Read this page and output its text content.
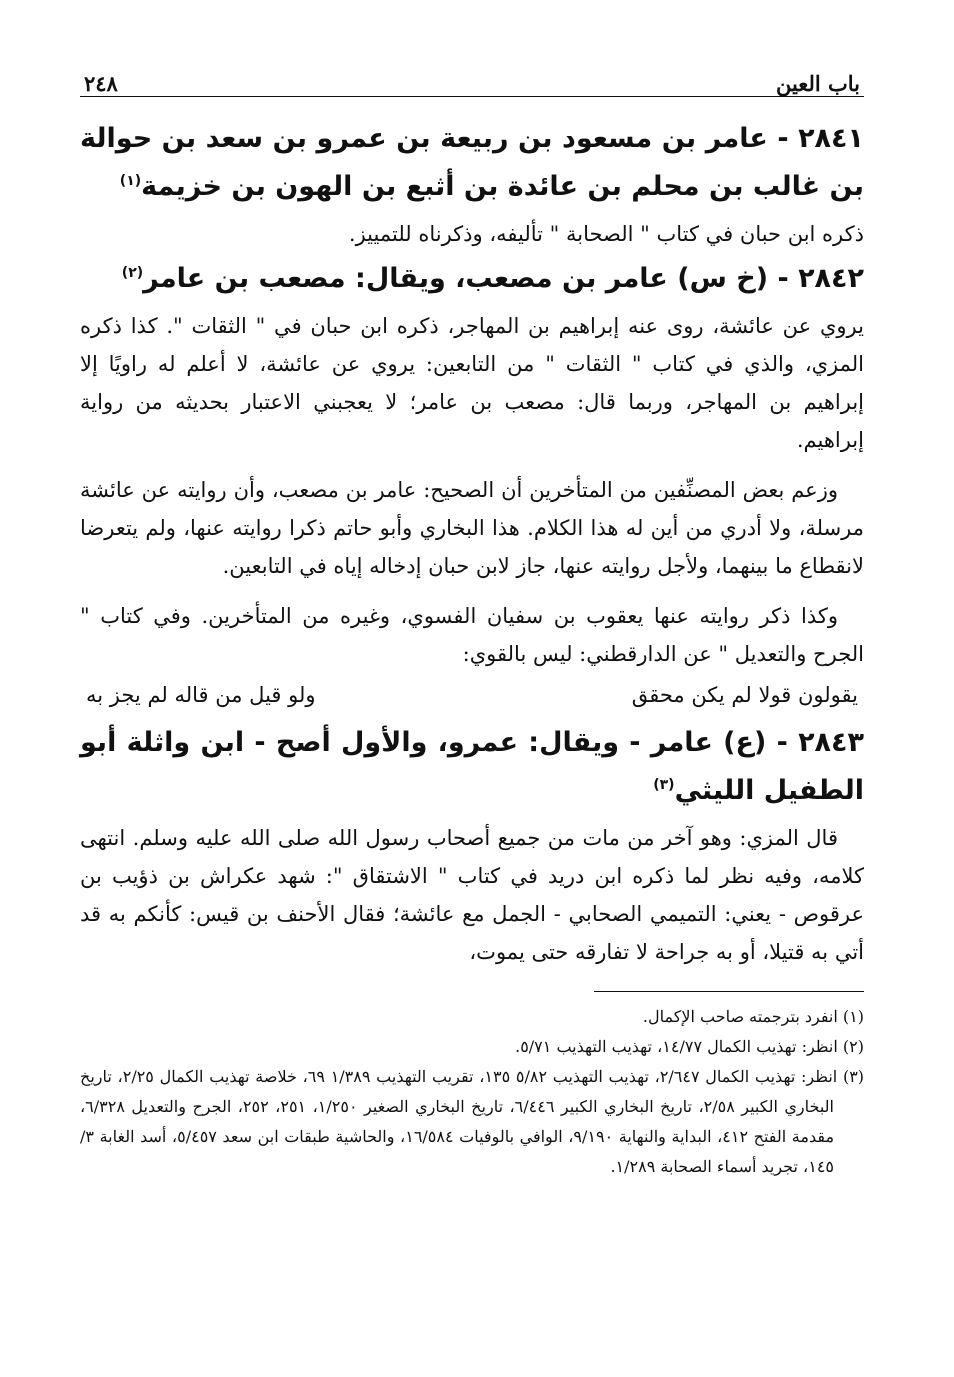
باب العين
٢٤٨

٢٨٤١ - عامر بن مسعود بن ربيعة بن عمرو بن سعد بن حوالة بن غالب بن محلم بن عائدة بن أثبع بن الهون بن خزيمة$^{(١)}$

ذكره ابن حبان في كتاب " الصحابة " تأليفه، وذكرناه للتمييز.

٢٨٤٢ - (خ س) عامر بن مصعب، ويقال: مصعب بن عامر$^{(٢)}$

يروي عن عائشة، روى عنه إبراهيم بن المهاجر، ذكره ابن حبان في " الثقات ". كذا ذكره المزي، والذي في كتاب " الثقات " من التابعين: يروي عن عائشة، لا أعلم له راويًا إلا إبراهيم بن المهاجر، وربما قال: مصعب بن عامر؛ لا يعجبني الاعتبار بحديثه من رواية إبراهيم.

وزعم بعض المصنِّفين من المتأخرين أن الصحيح: عامر بن مصعب، وأن روايته عن عائشة مرسلة، ولا أدري من أين له هذا الكلام. هذا البخاري وأبو حاتم ذكرا روايته عنها، ولم يتعرضا لانقطاع ما بينهما، ولأجل روايته عنها، جاز لابن حبان إدخاله إياه في التابعين.

وكذا ذكر روايته عنها يعقوب بن سفيان الفسوي، وغيره من المتأخرين. وفي كتاب " الجرح والتعديل " عن الدارقطني: ليس بالقوي:

يقولون قولا لم يكن محقق
ولو قيل من قاله لم يجز به

٢٨٤٣ - (ع) عامر - ويقال: عمرو، والأول أصح - ابن واثلة أبو الطفيل الليثي$^{(٣)}$

قال المزي: وهو آخر من مات من جميع أصحاب رسول الله صلى الله عليه وسلم. انتهى كلامه، وفيه نظر لما ذكره ابن دريد في كتاب " الاشتقاق ": شهد عكراش بن ذؤيب بن عرقوص - يعني: التميمي الصحابي - الجمل مع عائشة؛ فقال الأحنف بن قيس: كأنكم به قد أتي به قتيلا، أو به جراحة لا تفارقه حتى يموت،

(١) انفرد بترجمته صاحب الإكمال.

(٢) انظر: تهذيب الكمال ١٤/٧٧، تهذيب التهذيب ٥/٧١.

(٣) انظر: تهذيب الكمال ٢/٦٤٧، تهذيب التهذيب ٥/٨٢ ١٣٥، تقريب التهذيب ١/٣٨٩ ٦٩، خلاصة تهذيب الكمال ٢/٢٥، تاريخ البخاري الكبير ٢/٥٨، تاريخ البخاري الكبير ٦/٤٤٦، تاريخ البخاري الصغير ١/٢٥٠، ٢٥١، ٢٥٢، الجرح والتعديل ٦/٣٢٨، مقدمة الفتح ٤١٢، البداية والنهاية ٩/١٩٠، الوافي بالوفيات ١٦/٥٨٤، والحاشية طبقات ابن سعد ٥/٤٥٧، أسد الغابة ٣/ ١٤٥، تجريد أسماء الصحابة ١/٢٨٩.
